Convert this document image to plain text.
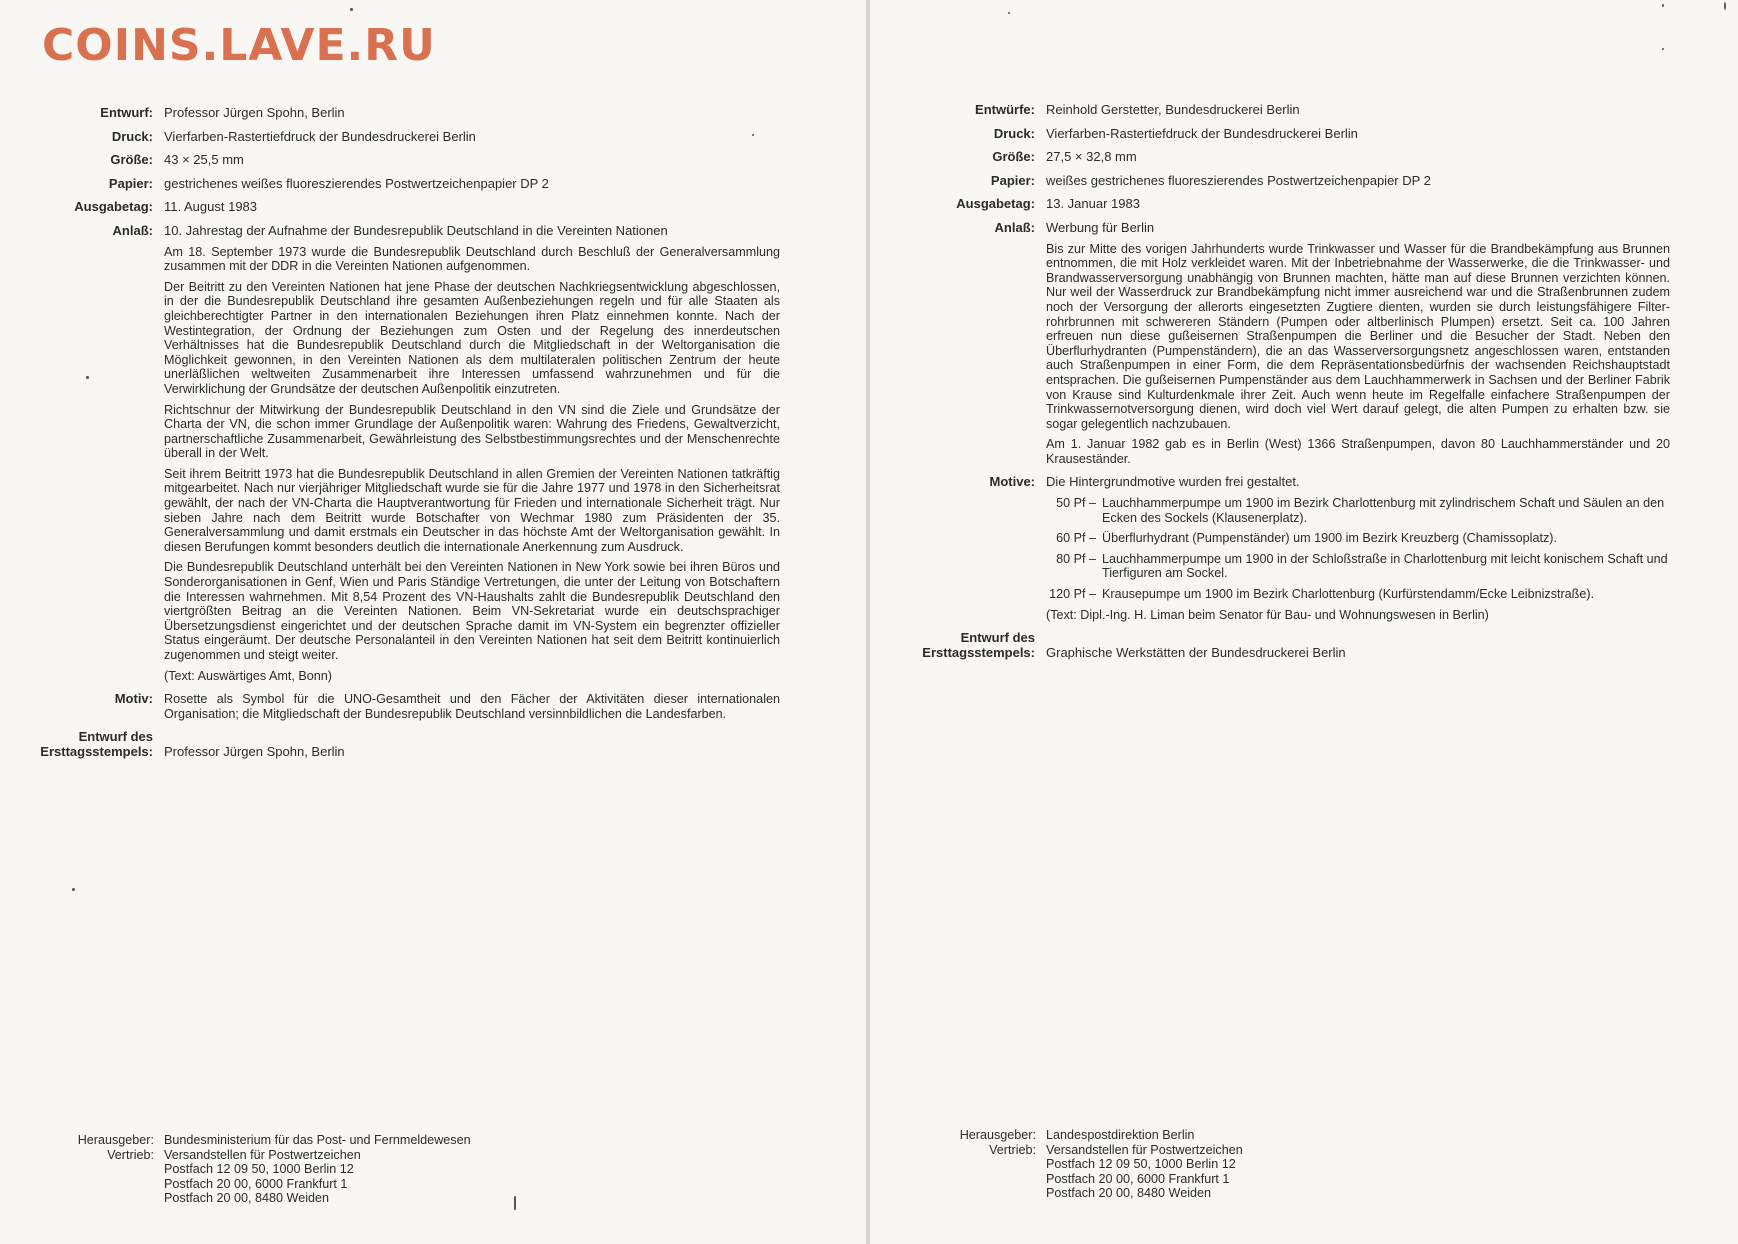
COINS.LAVE.RU
Entwurf: Professor Jürgen Spohn, Berlin
Druck: Vierfarben-Rastertiefdruck der Bundesdruckerei Berlin
Größe: 43 × 25,5 mm
Papier: gestrichenes weißes fluoreszierendes Postwertzeichenpapier DP 2
Ausgabetag: 11. August 1983
Anlaß: 10. Jahrestag der Aufnahme der Bundesrepublik Deutschland in die Vereinten Nationen

Am 18. September 1973 wurde die Bundesrepublik Deutschland durch Beschluß der Generalversammlung zusammen mit der DDR in die Vereinten Nationen aufgenommen.

Der Beitritt zu den Vereinten Nationen hat jene Phase der deutschen Nachkriegsentwicklung abgeschlossen, in der die Bundesrepublik Deutschland ihre gesamten Außenbeziehungen regeln und für alle Staaten als gleichberechtigter Partner in den internationalen Beziehungen ihren Platz einnehmen konnte. Nach der Westintegration, der Ordnung der Beziehungen zum Osten und der Regelung des innerdeutschen Verhältnisses hat die Bundesrepublik Deutschland durch die Mitgliedschaft in der Weltorganisation die Möglichkeit gewonnen, in den Vereinten Nationen als dem multilateralen politischen Zentrum der heute unerläßlichen weltweiten Zusammenarbeit ihre Interessen umfassend wahrzunehmen und für die Verwirklichung der Grundsätze der deutschen Außenpolitik einzutreten.

Richtschnur der Mitwirkung der Bundesrepublik Deutschland in den VN sind die Ziele und Grundsätze der Charta der VN, die schon immer Grundlage der Außenpolitik waren: Wahrung des Friedens, Gewaltverzicht, partnerschaftliche Zusammenarbeit, Gewährleistung des Selbstbestimmungsrechtes und der Menschenrechte überall in der Welt.

Seit ihrem Beitritt 1973 hat die Bundesrepublik Deutschland in allen Gremien der Vereinten Nationen tatkräftig mitgearbeitet. Nach nur vierjähriger Mitgliedschaft wurde sie für die Jahre 1977 und 1978 in den Sicherheitsrat gewählt, der nach der VN-Charta die Hauptverantwortung für Frieden und internationale Sicherheit trägt. Nur sieben Jahre nach dem Beitritt wurde Botschafter von Wechmar 1980 zum Präsidenten der 35. Generalversammlung und damit erstmals ein Deutscher in das höchste Amt der Weltorganisation gewählt. In diesen Berufungen kommt besonders deutlich die internationale Anerkennung zum Ausdruck.

Die Bundesrepublik Deutschland unterhält bei den Vereinten Nationen in New York sowie bei ihren Büros und Sonderorganisationen in Genf, Wien und Paris Ständige Vertretungen, die unter der Leitung von Botschaftern die Interessen wahrnehmen. Mit 8,54 Prozent des VN-Haushalts zahlt die Bundesrepublik Deutschland den viertgrößten Beitrag an die Vereinten Nationen. Beim VN-Sekretariat wurde ein deutschsprachiger Übersetzungsdienst eingerichtet und der deutschen Sprache damit im VN-System ein begrenzter offizieller Status eingeräumt. Der deutsche Personalanteil in den Vereinten Nationen hat seit dem Beitritt kontinuierlich zugenommen und steigt weiter.

(Text: Auswärtiges Amt, Bonn)

Motiv: Rosette als Symbol für die UNO-Gesamtheit und den Fächer der Aktivitäten dieser internationalen Organisation; die Mitgliedschaft der Bundesrepublik Deutschland versinnbildlichen die Landesfarben.
Entwurf des
Ersttagsstempels: Professor Jürgen Spohn, Berlin
Herausgeber: Bundesministerium für das Post- und Fernmeldewesen
Vertrieb: Versandstellen für Postwertzeichen
Postfach 12 09 50, 1000 Berlin 12
Postfach 20 00, 6000 Frankfurt 1
Postfach 20 00, 8480 Weiden
Entwürfe: Reinhold Gerstetter, Bundesdruckerei Berlin
Druck: Vierfarben-Rastertiefdruck der Bundesdruckerei Berlin
Größe: 27,5 × 32,8 mm
Papier: weißes gestrichenes fluoreszierendes Postwertzeichenpapier DP 2
Ausgabetag: 13. Januar 1983
Anlaß: Werbung für Berlin

Bis zur Mitte des vorigen Jahrhunderts wurde Trinkwasser und Wasser für die Brandbekämpfung aus Brunnen entnommen, die mit Holz verkleidet waren. Mit der Inbetriebnahme der Wasserwerke, die die Trinkwasser- und Brandwasserversorgung unabhängig von Brunnen machten, hätte man auf diese Brunnen verzichten können. Nur weil der Wasserdruck zur Brandbekämpfung nicht immer ausreichend war und die Straßenbrunnen zudem noch der Versorgung der allerorts eingesetzten Zugtiere dienten, wurden sie durch leistungsfähigere Filterrohrbrunnen mit schwereren Ständern (Pumpen oder altberlinisch Plumpen) ersetzt. Seit ca. 100 Jahren erfreuen nun diese gußeisernen Straßenpumpen die Berliner und die Besucher der Stadt. Neben den Überflurhydranten (Pumpenständern), die an das Wasserversorgungsnetz angeschlossen waren, entstanden auch Straßenpumpen in einer Form, die dem Repräsentationsbedürfnis der wachsenden Reichshauptstadt entsprachen. Die gußeisernen Pumpenständer aus dem Lauchhammerwerk in Sachsen und der Berliner Fabrik von Krause sind Kulturdenkmale ihrer Zeit. Auch wenn heute im Regelfalle einfachere Straßenpumpen der Trinkwassernotversorgung dienen, wird doch viel Wert darauf gelegt, die alten Pumpen zu erhalten bzw. sie sogar gelegentlich nachzubauen.

Am 1. Januar 1982 gab es in Berlin (West) 1366 Straßenpumpen, davon 80 Lauchhammerständer und 20 Krauseständer.

Motive: Die Hintergrundmotive wurden frei gestaltet.
50 Pf – Lauchhammerpumpe um 1900 im Bezirk Charlottenburg mit zylindrischem Schaft und Säulen an den Ecken des Sockels (Klausenerplatz).
60 Pf – Überflurhydrant (Pumpenständer) um 1900 im Bezirk Kreuzberg (Chamissoplatz).
80 Pf – Lauchhammerpumpe um 1900 in der Schloßstraße in Charlottenburg mit leicht konischem Schaft und Tierfiguren am Sockel.
120 Pf – Krausepumpe um 1900 im Bezirk Charlottenburg (Kurfürstendamm/Ecke Leibnizstraße).

(Text: Dipl.-Ing. H. Liman beim Senator für Bau- und Wohnungswesen in Berlin)

Entwurf des
Ersttagsstempels: Graphische Werkstätten der Bundesdruckerei Berlin
Herausgeber: Landespostdirektion Berlin
Vertrieb: Versandstellen für Postwertzeichen
Postfach 12 09 50, 1000 Berlin 12
Postfach 20 00, 6000 Frankfurt 1
Postfach 20 00, 8480 Weiden
